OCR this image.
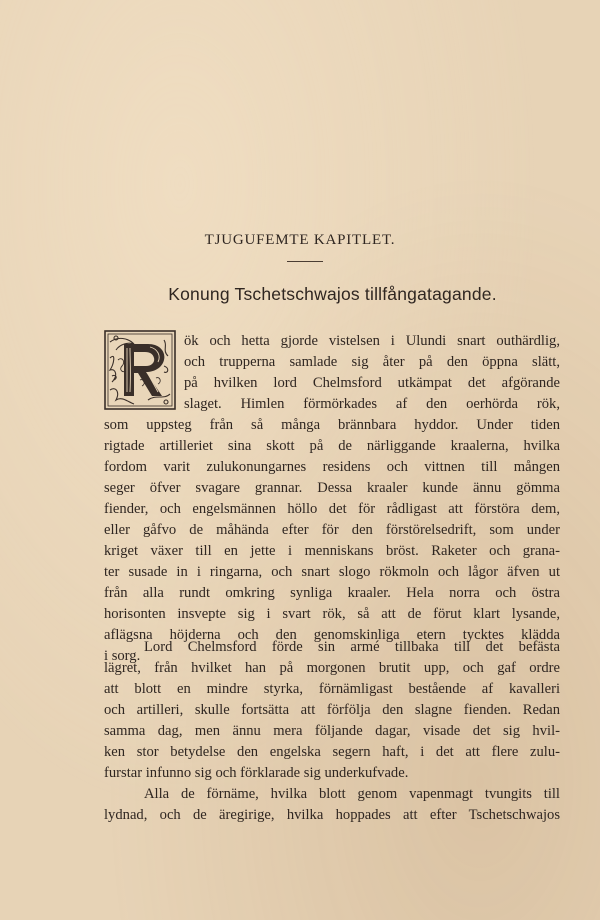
TJUGUFEMTE KAPITLET.
Konung Tschetschwajos tillfångatagande.
ök och hetta gjorde vistelsen i Ulundi snart outhärdlig,
och trupperna samlade sig åter på den öppna slätt,
på hvilken lord Chelmsford utkämpat det afgörande
slaget. Himlen förmörkades af den oerhörda rök,
som uppsteg från så många brännbara hyddor. Under tiden
rigtade artilleriet sina skott på de närliggande kraalerna, hvilka
fordom varit zulukonungarnes residens och vittnen till mången
seger öfver svagare grannar. Dessa kraaler kunde ännu gömma
fiender, och engelsmännen höllo det för rådligast att förstöra dem,
eller gåfvo de måhända efter för den förstörelsedrift, som under
kriget växer till en jette i menniskans bröst. Raketer och grana-
ter susade in i ringarna, och snart slogo rökmoln och lågor äfven ut
från alla rundt omkring synliga kraaler. Hela norra och östra
horisonten insvepte sig i svart rök, så att de förut klart lysande,
aflägsna höjderna och den genomskinliga etern tycktes klädda
i sorg.
Lord Chelmsford förde sin armé tillbaka till det befästa
lägret, från hvilket han på morgonen brutit upp, och gaf ordre
att blott en mindre styrka, förnämligast bestående af kavalleri
och artilleri, skulle fortsätta att förfölja den slagne fienden. Redan
samma dag, men ännu mera följande dagar, visade det sig hvil-
ken stor betydelse den engelska segern haft, i det att flere zulu-
furstar infunno sig och förklarade sig underkufvade.
Alla de förnäme, hvilka blott genom vapenmagt tvungits till
lydnad, och de äregirige, hvilka hoppades att efter Tschetschwajos
